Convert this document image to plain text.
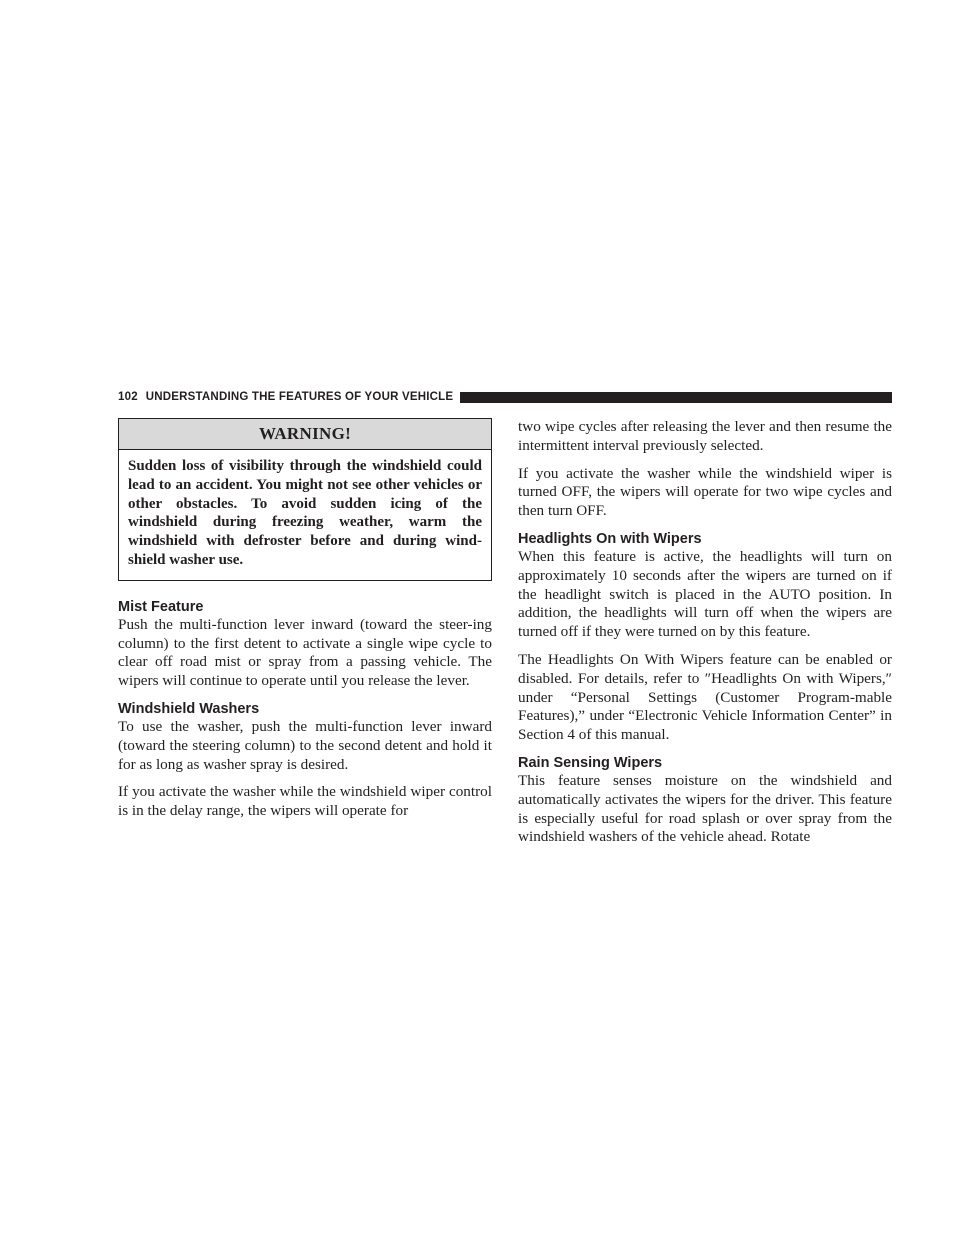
102 UNDERSTANDING THE FEATURES OF YOUR VEHICLE
WARNING!
Sudden loss of visibility through the windshield could lead to an accident. You might not see other vehicles or other obstacles. To avoid sudden icing of the windshield during freezing weather, warm the windshield with defroster before and during wind-shield washer use.
Mist Feature

Push the multi-function lever inward (toward the steer-ing column) to the first detent to activate a single wipe cycle to clear off road mist or spray from a passing vehicle. The wipers will continue to operate until you release the lever.

Windshield Washers

To use the washer, push the multi-function lever inward (toward the steering column) to the second detent and hold it for as long as washer spray is desired.

If you activate the washer while the windshield wiper control is in the delay range, the wipers will operate for

two wipe cycles after releasing the lever and then resume the intermittent interval previously selected.

If you activate the washer while the windshield wiper is turned OFF, the wipers will operate for two wipe cycles and then turn OFF.

Headlights On with Wipers

When this feature is active, the headlights will turn on approximately 10 seconds after the wipers are turned on if the headlight switch is placed in the AUTO position. In addition, the headlights will turn off when the wipers are turned off if they were turned on by this feature.

The Headlights On With Wipers feature can be enabled or disabled. For details, refer to ″Headlights On with Wipers,″ under “Personal Settings (Customer Program-mable Features),” under “Electronic Vehicle Information Center” in Section 4 of this manual.

Rain Sensing Wipers

This feature senses moisture on the windshield and automatically activates the wipers for the driver. This feature is especially useful for road splash or over spray from the windshield washers of the vehicle ahead. Rotate
